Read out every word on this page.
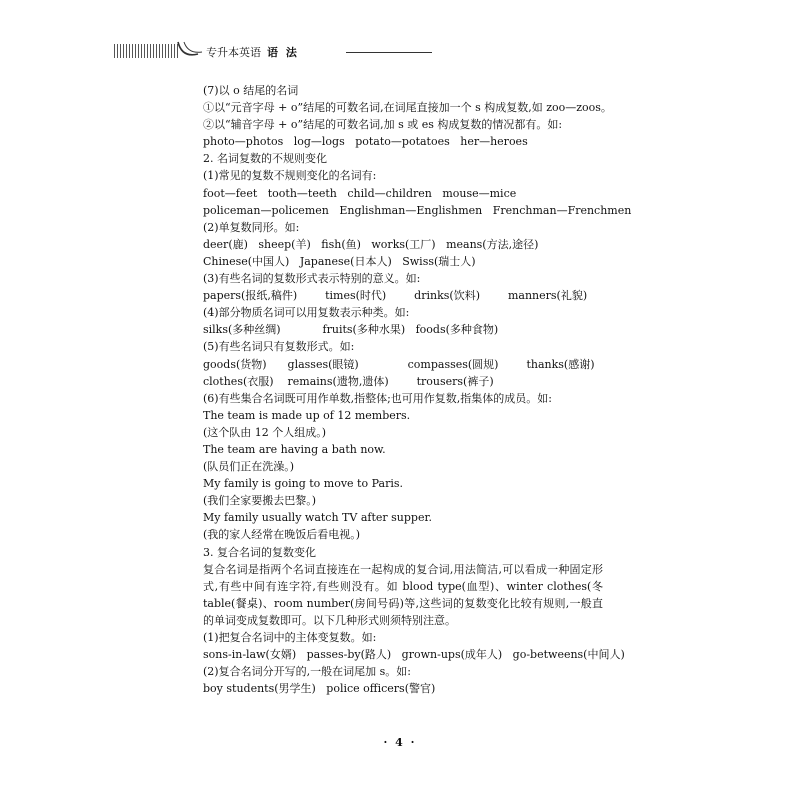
专升本英语 语 法
(7)以 o 结尾的名词
①以“元音字母 + o”结尾的可数名词,在词尾直接加一个 s 构成复数,如 zoo—zoos。
②以“辅音字母 + o”结尾的可数名词,加 s 或 es 构成复数的情况都有。如:
photo—photos   log—logs   potato—potatoes   her—heroes
2. 名词复数的不规则变化
(1)常见的复数不规则变化的名词有:
foot—feet   tooth—teeth   child—children   mouse—mice
policeman—policemen   Englishman—Englishmen   Frenchman—Frenchmen
(2)单复数同形。如:
deer(鹿)   sheep(羊)   fish(鱼)   works(工厂)   means(方法,途径)
Chinese(中国人)   Japanese(日本人)   Swiss(瑞士人)
(3)有些名词的复数形式表示特别的意义。如:
papers(报纸,稿件)        times(时代)        drinks(饮料)        manners(礼貌)
(4)部分物质名词可以用复数表示种类。如:
silks(多种丝绸)            fruits(多种水果)   foods(多种食物)
(5)有些名词只有复数形式。如:
goods(货物)      glasses(眼镜)              compasses(圆规)        thanks(感谢)
clothes(衣服)    remains(遗物,遗体)        trousers(裤子)
(6)有些集合名词既可用作单数,指整体;也可用作复数,指集体的成员。如:
The team is made up of 12 members.
(这个队由 12 个人组成。)
The team are having a bath now.
(队员们正在洗澡。)
My family is going to move to Paris.
(我们全家要搬去巴黎。)
My family usually watch TV after supper.
(我的家人经常在晚饭后看电视。)
3. 复合名词的复数变化
复合名词是指两个名词直接连在一起构成的复合词,用法简洁,可以看成一种固定形
式,有些中间有连字符,有些则没有。如 blood type(血型)、winter clothes(冬
table(餐桌)、room number(房间号码)等,这些词的复数变化比较有规则,一般直
的单词变成复数即可。以下几种形式则须特别注意。
(1)把复合名词中的主体变复数。如:
sons-in-law(女婿)   passes-by(路人)   grown-ups(成年人)   go-betweens(中间人)
(2)复合名词分开写的,一般在词尾加 s。如:
boy students(男学生)   police officers(警官)
· 4 ·
